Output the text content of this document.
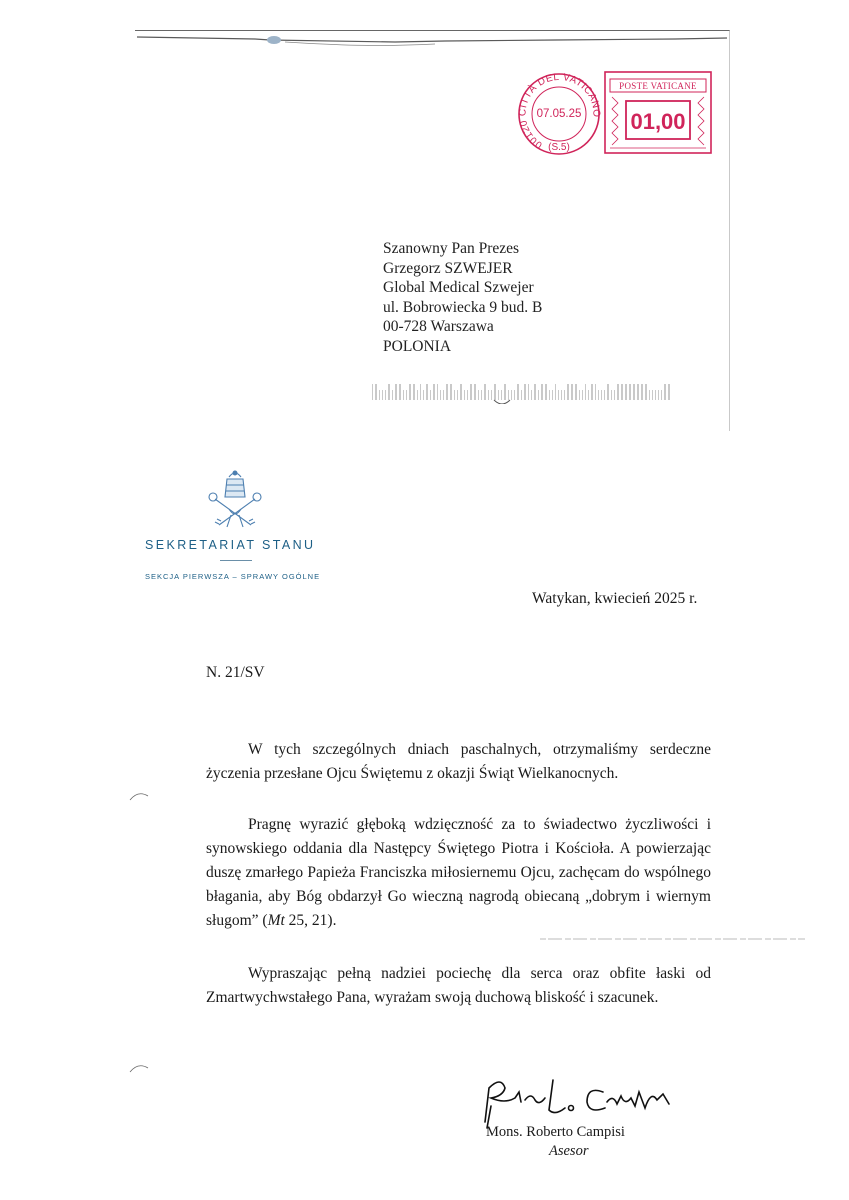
00120 CITTÀ DEL VATICANO
07.05.25
(S.5)
POSTE VATICANE
01,00
Szanowny Pan Prezes
Grzegorz SZWEJER
Global Medical Szwejer
ul. Bobrowiecka 9 bud. B
00-728 Warszawa
POLONIA
SEKRETARIAT STANU
SEKCJA PIERWSZA – SPRAWY OGÓLNE
Watykan, kwiecień 2025 r.
N. 21/SV
W tych szczególnych dniach paschalnych, otrzymaliśmy serdeczne życzenia przesłane Ojcu Świętemu z okazji Świąt Wielkanocnych.
Pragnę wyrazić głęboką wdzięczność za to świadectwo życzliwości i synowskiego oddania dla Następcy Świętego Piotra i Kościoła. A powierzając duszę zmarłego Papieża Franciszka miłosiernemu Ojcu, zachęcam do wspólnego błagania, aby Bóg obdarzył Go wieczną nagrodą obiecaną „dobrym i wiernym sługom” (Mt 25, 21).
Wypraszając pełną nadziei pociechę dla serca oraz obfite łaski od Zmartwychwstałego Pana, wyrażam swoją duchową bliskość i szacunek.
Mons. Roberto Campisi
Asesor
